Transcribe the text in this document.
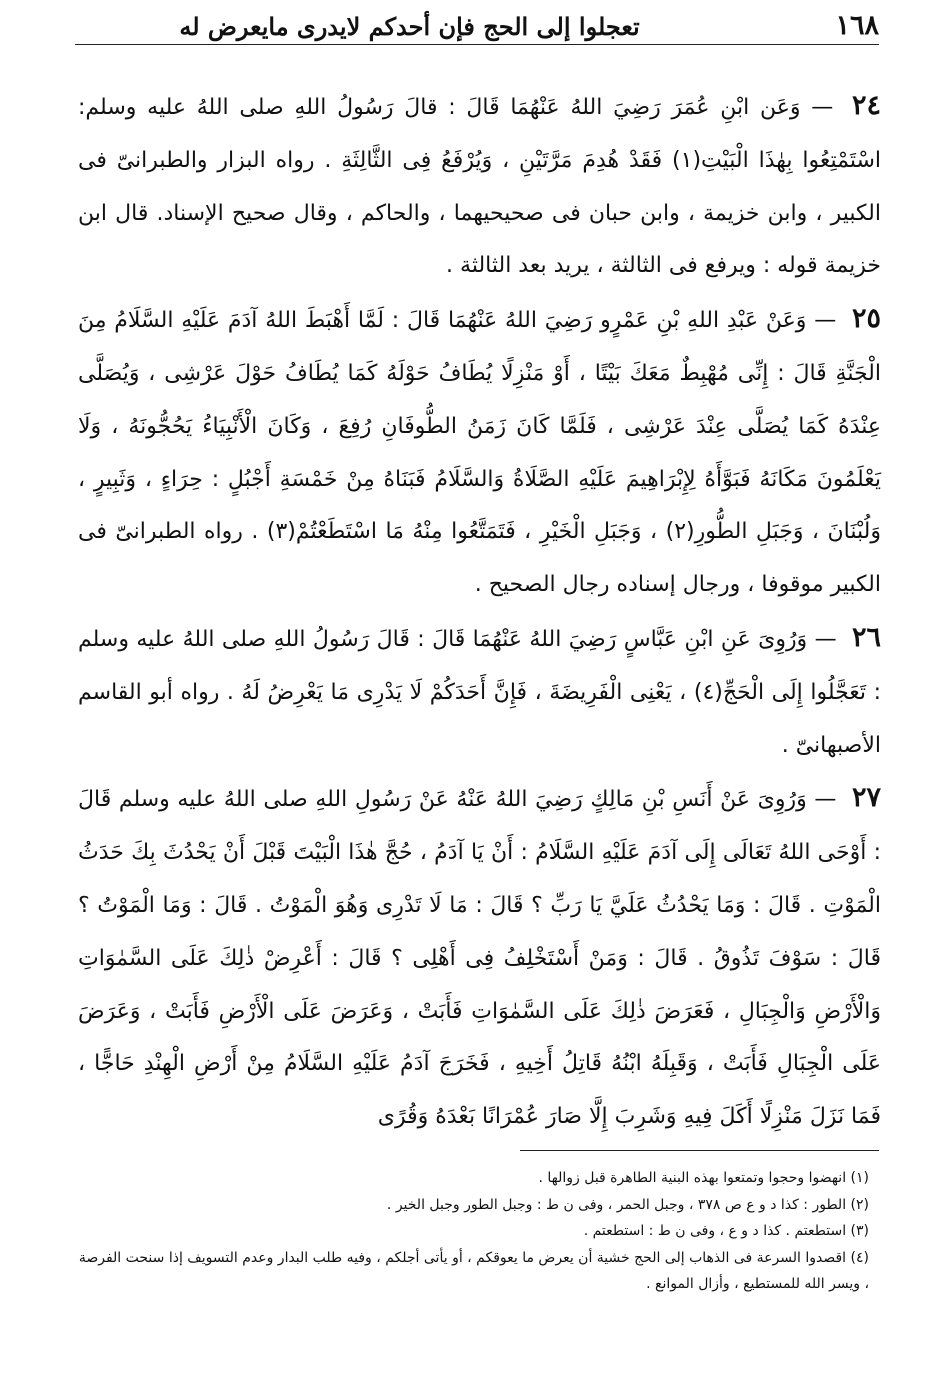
١٦٨
تعجلوا إلى الحج فإن أحدكم لايدرى مايعرض له

٢٤ — وَعَن ابْنِ عُمَرَ رَضِيَ اللهُ عَنْهُمَا قَالَ : قالَ رَسُولُ اللهِ صلى اللهُ عليه وسلم: اسْتَمْتِعُوا بِهٰذَا الْبَيْتِ(١) فَقَدْ هُدِمَ مَرَّتَيْنِ ، وَيُرْفَعُ فِى الثَّالِثَةِ . رواه البزار والطبرانىّ فى الكبير ، وابن خزيمة ، وابن حبان فى صحيحيهما ، والحاكم ، وقال صحيح الإسناد. قال ابن خزيمة قوله : ويرفع فى الثالثة ، يريد بعد الثالثة .

٢٥ — وَعَنْ عَبْدِ اللهِ بْنِ عَمْرٍو رَضِيَ اللهُ عَنْهُمَا قَالَ : لَمَّا أَهْبَطَ اللهُ آدَمَ عَلَيْهِ السَّلَامُ مِنَ الْجَنَّةِ قَالَ : إِنِّى مُهْبِطٌ مَعَكَ بَيْتًا ، أَوْ مَنْزِلًا يُطَافُ حَوْلَهُ كَمَا يُطَافُ حَوْلَ عَرْشِى ، وَيُصَلَّى عِنْدَهُ كَمَا يُصَلَّى عِنْدَ عَرْشِى ، فَلَمَّا كَانَ زَمَنُ الطُّوفَانِ رُفِعَ ، وَكَانَ الْأَنْبِيَاءُ يَحُجُّونَهُ ، وَلَا يَعْلَمُونَ مَكَانَهُ فَبَوَّأَهُ لِإِبْرَاهِيمَ عَلَيْهِ الصَّلَاةُ وَالسَّلَامُ فَبَنَاهُ مِنْ خَمْسَةِ أَجْبُلٍ : حِرَاءٍ ، وَثَبِيرٍ ، وَلُبْنَانَ ، وَجَبَلِ الطُّورِ(٢) ، وَجَبَلِ الْخَيْرِ ، فَتَمَتَّعُوا مِنْهُ مَا اسْتَطَعْتُمْ(٣) . رواه الطبرانىّ فى الكبير موقوفا ، ورجال إسناده رجال الصحيح .

٢٦ — وَرُوِىَ عَنِ ابْنِ عَبَّاسٍ رَضِيَ اللهُ عَنْهُمَا قَالَ : قَالَ رَسُولُ اللهِ صلى اللهُ عليه وسلم : تَعَجَّلُوا إِلَى الْحَجِّ(٤) ، يَعْنِى الْفَرِيضَةَ ، فَإِنَّ أَحَدَكُمْ لَا يَدْرِى مَا يَعْرِضُ لَهُ . رواه أبو القاسم الأصبهانىّ .

٢٧ — وَرُوِىَ عَنْ أَنَسِ بْنِ مَالِكٍ رَضِيَ اللهُ عَنْهُ عَنْ رَسُولِ اللهِ صلى اللهُ عليه وسلم قَالَ : أَوْحَى اللهُ تَعَالَى إِلَى آدَمَ عَلَيْهِ السَّلَامُ : أَنْ يَا آدَمُ ، حُجَّ هٰذَا الْبَيْتَ قَبْلَ أَنْ يَحْدُثَ بِكَ حَدَثُ الْمَوْتِ . قَالَ : وَمَا يَحْدُثُ عَلَيَّ يَا رَبِّ ؟ قَالَ : مَا لَا تَدْرِى وَهُوَ الْمَوْتُ . قَالَ : وَمَا الْمَوْتُ ؟ قَالَ : سَوْفَ تَذُوقُ . قَالَ : وَمَنْ أَسْتَخْلِفُ فِى أَهْلِى ؟ قَالَ : أَعْرِضْ ذٰلِكَ عَلَى السَّمٰوَاتِ وَالْأَرْضِ وَالْجِبَالِ ، فَعَرَضَ ذٰلِكَ عَلَى السَّمٰوَاتِ فَأَبَتْ ، وَعَرَضَ عَلَى الْأَرْضِ فَأَبَتْ ، وَعَرَضَ عَلَى الْجِبَالِ فَأَبَتْ ، وَقَبِلَهُ ابْنُهُ قَاتِلُ أَخِيهِ ، فَخَرَجَ آدَمُ عَلَيْهِ السَّلَامُ مِنْ أَرْضِ الْهِنْدِ حَاجًّا ، فَمَا نَزَلَ مَنْزِلًا أَكَلَ فِيهِ وَشَرِبَ إِلَّا صَارَ عُمْرَانًا بَعْدَهُ وَقُرًى

(١) انهضوا وحجوا وتمتعوا بهذه البنية الطاهرة قبل زوالها .

(٢) الطور : كذا د و ع ص ٣٧٨ ، وجبل الحمر ، وفى ن ط : وجبل الطور وجبل الخير .

(٣) استطعتم . كذا د و ع ، وفى ن ط : استطعتم .

(٤) اقصدوا السرعة فى الذهاب إلى الحج خشية أن يعرض ما يعوقكم ، أو يأتى أجلكم ، وفيه طلب البدار وعدم التسويف إذا سنحت الفرصة ، ويسر الله للمستطيع ، وأزال الموانع .
